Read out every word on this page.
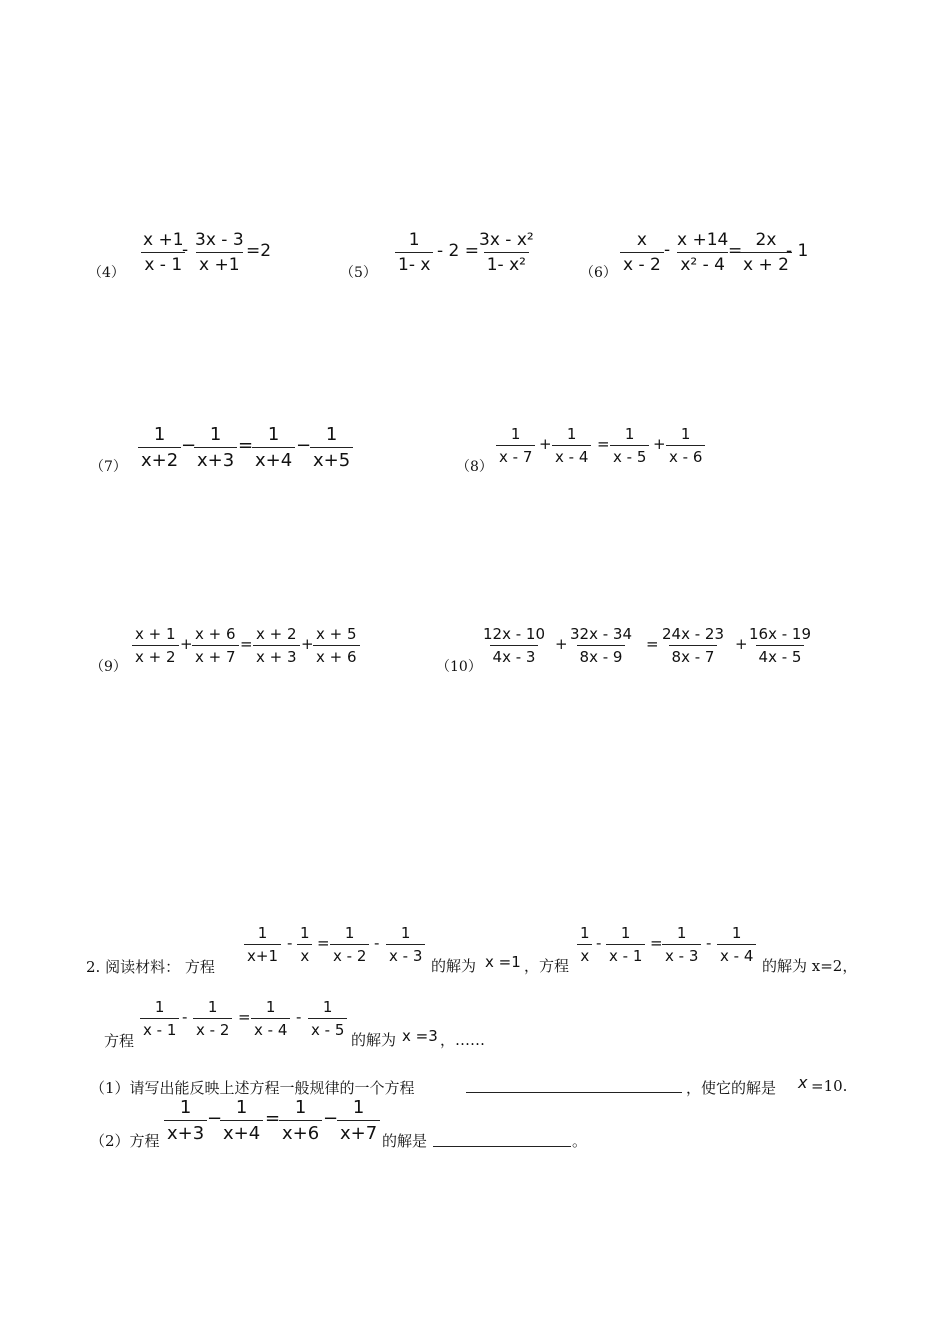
$(4) \frac{x +1}{x - 1}$
- $\frac{3x - 3}{x +1} =2$
$(5) \frac{1}{1- x} - 2$ =
$\frac{\text{3x - x²}}{\text{1- x²}}$	$(6) \frac{x}{x - 2} - \frac{x +14}{\text{x² - 4}}$
=
$\frac{2x}{x + 2}$
- 1
$(7) \frac{1}{x+2}$ −
$\frac{1}{x+3}$ =
$\frac{1}{x+4}$ −
$\frac{1}{x+5}$	（8）
$\frac{1}{x - 7} + \frac{1}{x - 4} = \frac{1}{x - 5} + \frac{1}{x - 6}$
（9）
$\frac{x + 1}{x + 2} + \frac{x + 6}{x + 7} = \frac{x + 2}{x + 3} + \frac{x + 5}{x + 6}$
（10）
$\frac{12x - 10}{4x - 3} + \frac{32x - 34}{8x - 9} = \frac{24x - 23}{8x - 7}$ +
$\frac{16x - 19}{4x - 5}$
2. 阅读材料： 方程
$\frac{1}{x+1} - \frac{1}{x} = \frac{1}{x - 2} - \frac{1}{x - 3}$
的解为 x =1 ，方程
$\frac{1}{x} - \frac{1}{x - 1} = \frac{1}{x - 3} - \frac{1}{x - 4}$
的解为 x=2，
方程
$\frac{1}{x - 1} - \frac{1}{x - 2} = \frac{1}{x - 4} - \frac{1}{x - 5}$
的解为 x =3 ，……
（1）请写出能反映上述方程一般规律的一个方程	，使它的解是 x =10.
（2）方程 $\frac{1}{x+3}$ −
$\frac{1}{x+4}$ =
$\frac{1}{x+6}$ −
$\frac{1}{x+7}$ 的解是	。
